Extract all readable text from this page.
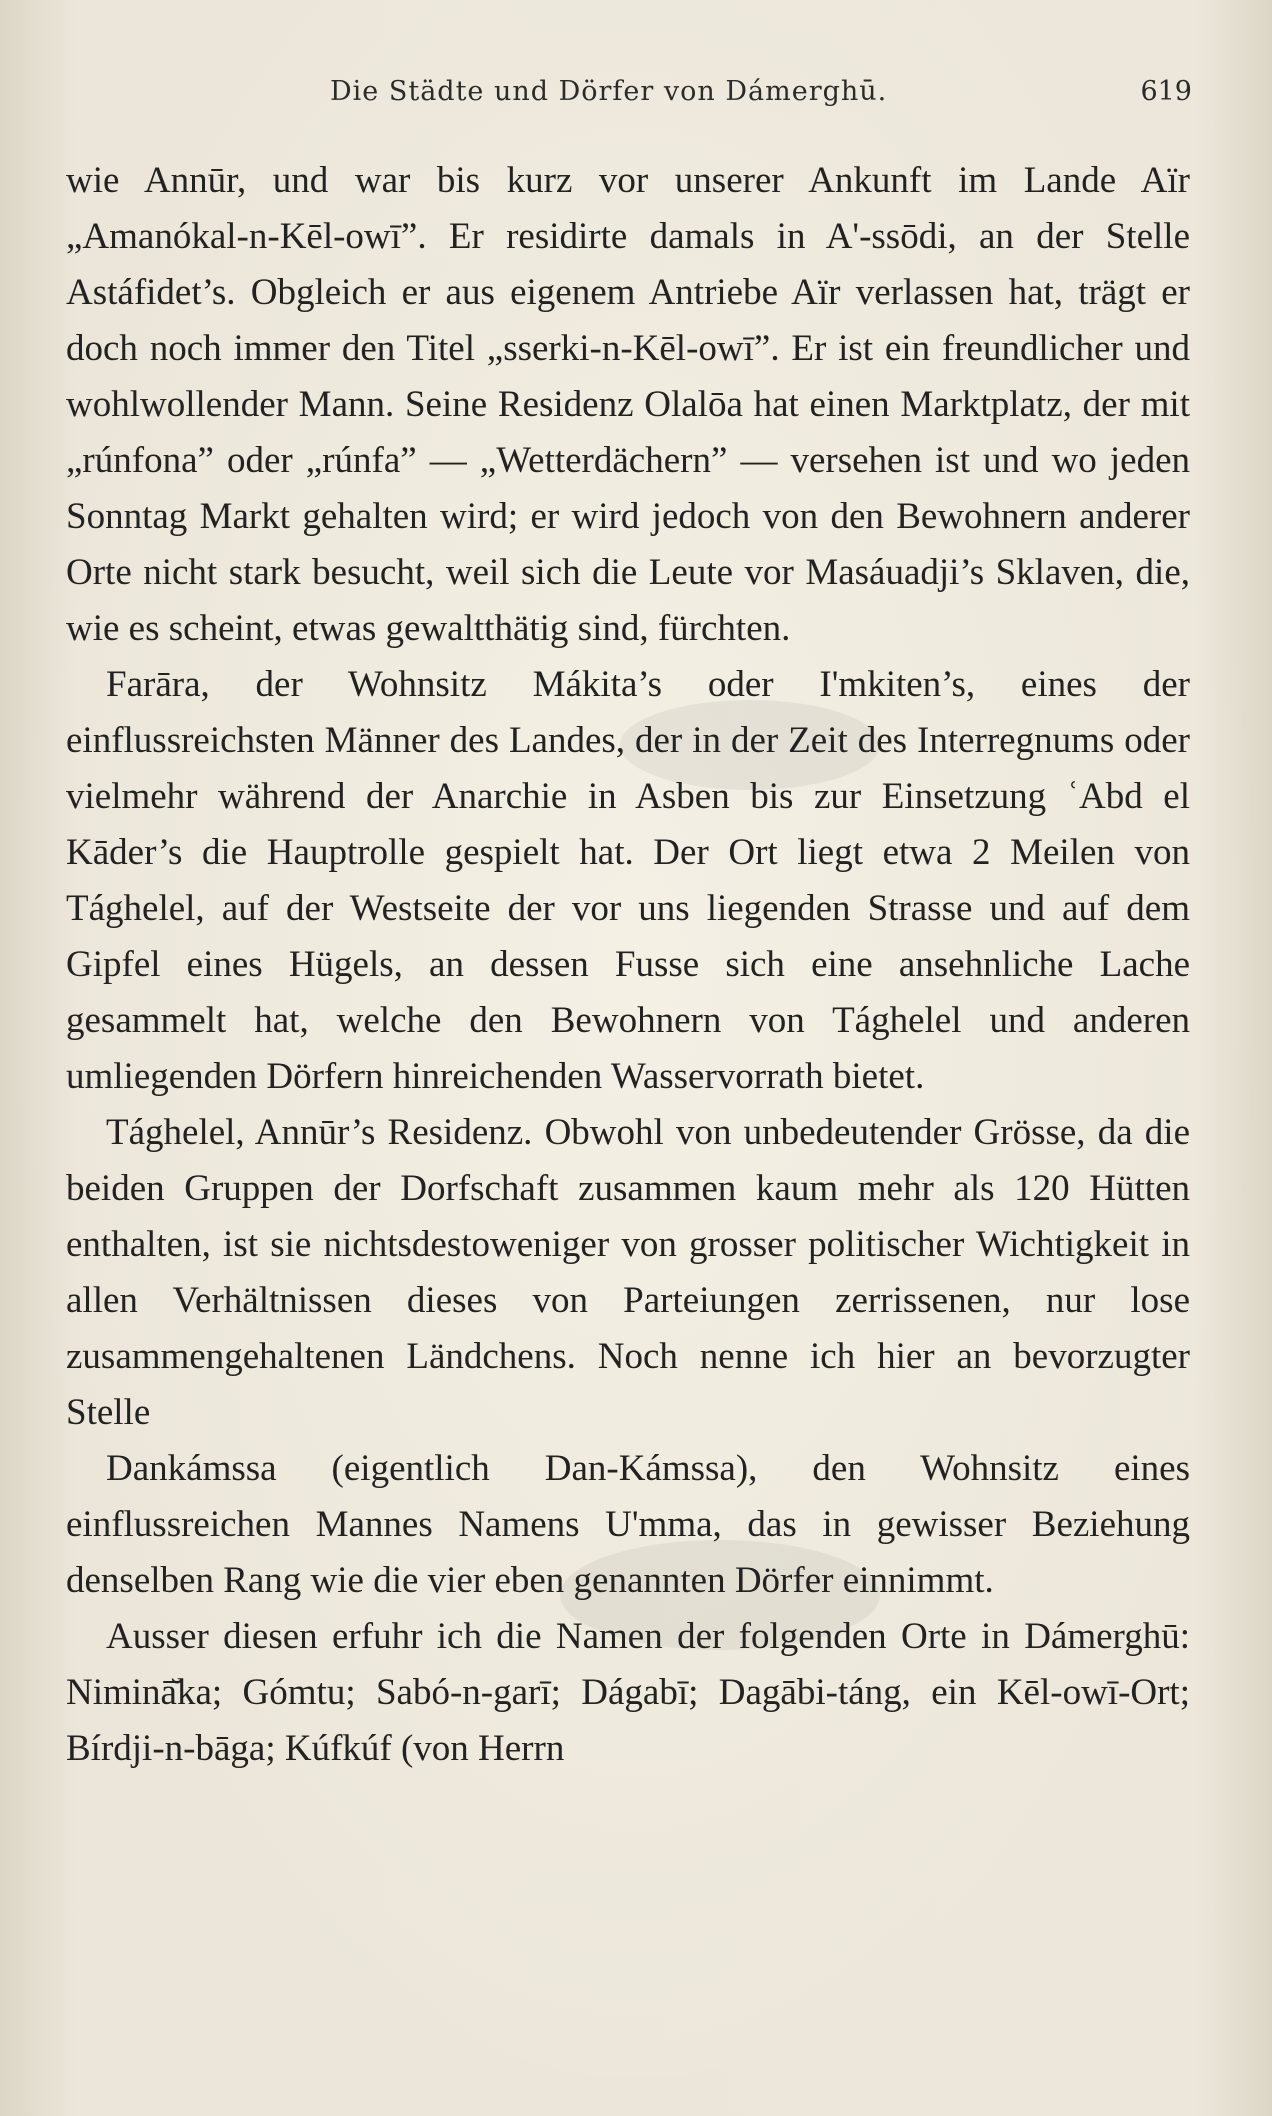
Die Städte und Dörfer von Dámerghū.	619

wie Annūr, und war bis kurz vor unserer Ankunft im Lande Aïr „Amanókal-n-Kēl-owī”. Er residirte damals in A'-ssōdi, an der Stelle Astáfidet’s. Obgleich er aus eigenem Antriebe Aïr verlassen hat, trägt er doch noch immer den Titel „sserki-n-Kēl-owī”. Er ist ein freundlicher und wohlwollender Mann. Seine Residenz Olalōa hat einen Marktplatz, der mit „rúnfona” oder „rúnfa” — „Wetterdächern” — versehen ist und wo jeden Sonntag Markt gehalten wird; er wird jedoch von den Bewohnern anderer Orte nicht stark besucht, weil sich die Leute vor Masáuadji’s Sklaven, die, wie es scheint, etwas gewaltthätig sind, fürchten.

Farāra, der Wohnsitz Mákita’s oder I'mkiten’s, eines der einflussreichsten Männer des Landes, der in der Zeit des Interregnums oder vielmehr während der Anarchie in Asben bis zur Einsetzung ʿAbd el Kāder’s die Hauptrolle gespielt hat. Der Ort liegt etwa 2 Meilen von Tághelel, auf der Westseite der vor uns liegenden Strasse und auf dem Gipfel eines Hügels, an dessen Fusse sich eine ansehnliche Lache gesammelt hat, welche den Bewohnern von Tághelel und anderen umliegenden Dörfern hinreichenden Wasservorrath bietet.

Tághelel, Annūr’s Residenz. Obwohl von unbedeutender Grösse, da die beiden Gruppen der Dorfschaft zusammen kaum mehr als 120 Hütten enthalten, ist sie nichtsdestoweniger von grosser politischer Wichtigkeit in allen Verhältnissen dieses von Parteiungen zerrissenen, nur lose zusammengehaltenen Ländchens. Noch nenne ich hier an bevorzugter Stelle

Dankámssa (eigentlich Dan-Kámssa), den Wohnsitz eines einflussreichen Mannes Namens U'mma, das in gewisser Beziehung denselben Rang wie die vier eben genannten Dörfer einnimmt.

Ausser diesen erfuhr ich die Namen der folgenden Orte in Dámerghū: Niminā̆ka; Gómtu; Sabó-n-garī; Dágabī; Dagābi-táng, ein Kēl-owī-Ort; Bírdji-n-bāga; Kúfkúf (von Herrn
